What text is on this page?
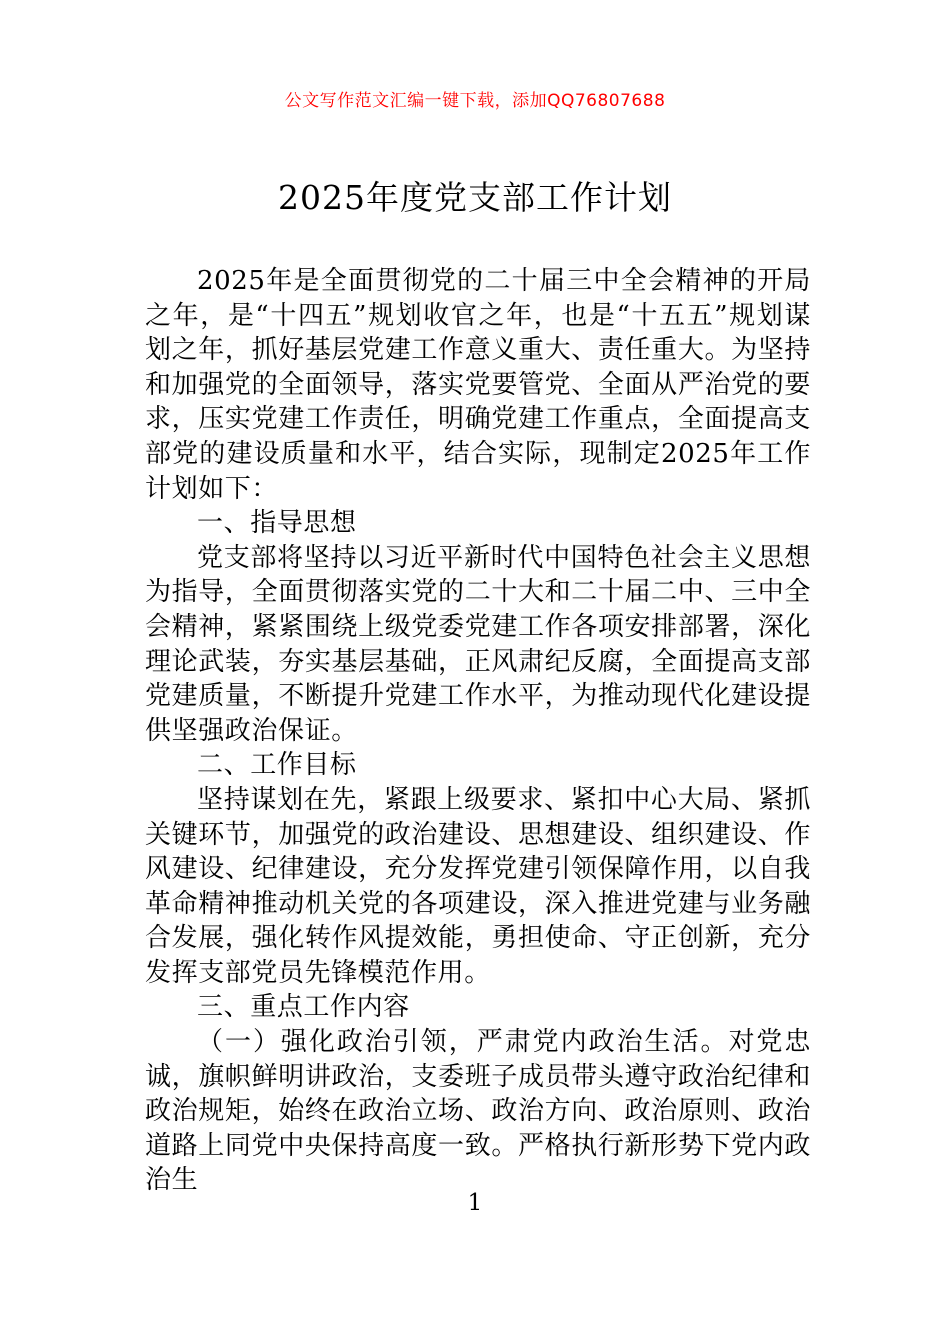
公文写作范文汇编一键下载，添加QQ76807688
2025年度党支部工作计划

2025年是全面贯彻党的二十届三中全会精神的开局之年，是“十四五”规划收官之年，也是“十五五”规划谋划之年，抓好基层党建工作意义重大、责任重大。为坚持和加强党的全面领导，落实党要管党、全面从严治党的要求，压实党建工作责任，明确党建工作重点，全面提高支部党的建设质量和水平，结合实际，现制定2025年工作计划如下：

一、指导思想

党支部将坚持以习近平新时代中国特色社会主义思想为指导，全面贯彻落实党的二十大和二十届二中、三中全会精神，紧紧围绕上级党委党建工作各项安排部署，深化理论武装，夯实基层基础，正风肃纪反腐，全面提高支部党建质量，不断提升党建工作水平，为推动现代化建设提供坚强政治保证。

二、工作目标

坚持谋划在先，紧跟上级要求、紧扣中心大局、紧抓关键环节，加强党的政治建设、思想建设、组织建设、作风建设、纪律建设，充分发挥党建引领保障作用，以自我革命精神推动机关党的各项建设，深入推进党建与业务融合发展，强化转作风提效能，勇担使命、守正创新，充分发挥支部党员先锋模范作用。

三、重点工作内容

（一）强化政治引领，严肃党内政治生活。对党忠诚，旗帜鲜明讲政治，支委班子成员带头遵守政治纪律和政治规矩，始终在政治立场、政治方向、政治原则、政治道路上同党中央保持高度一致。严格执行新形势下党内政治生

1
